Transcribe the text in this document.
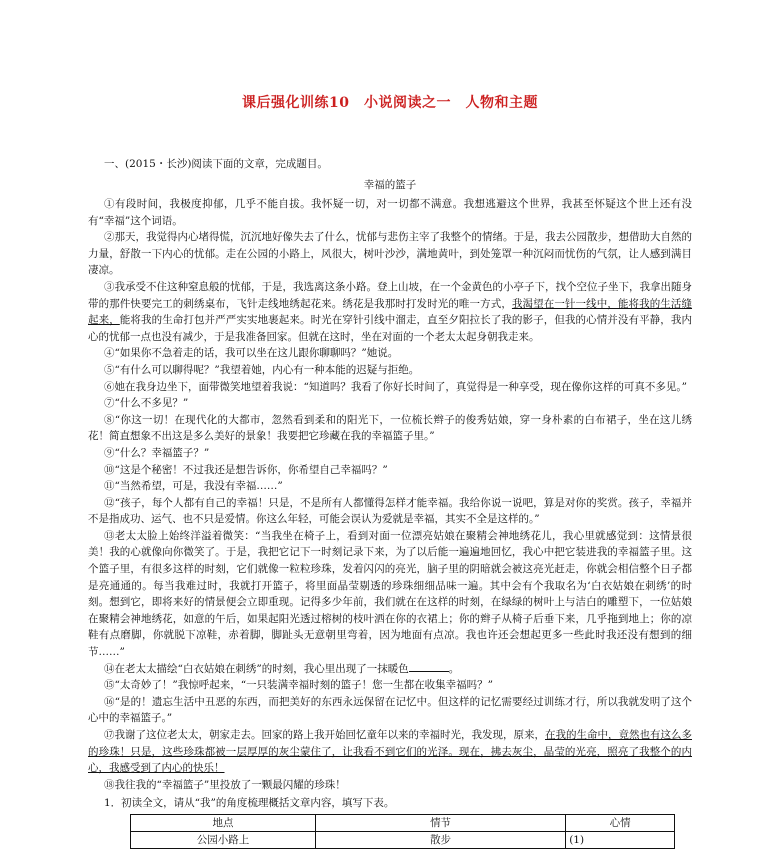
课后强化训练10　小说阅读之一　人物和主题
一、(2015・长沙)阅读下面的文章，完成题目。
幸福的篮子
①有段时间，我极度抑郁，几乎不能自拔。我怀疑一切，对一切都不满意。我想逃避这个世界，我甚至怀疑这个世上还有没有“幸福”这个词语。
②那天，我觉得内心堵得慌，沉沉地好像失去了什么，忧郁与悲伤主宰了我整个的情绪。于是，我去公园散步，想借助大自然的力量，舒散一下内心的忧郁。走在公园的小路上，风很大，树叶沙沙，满地黄叶，到处笼罩一种沉闷而忧伤的气氛，让人感到满目凄凉。
③我承受不住这种窒息般的忧郁，于是，我选离这条小路。登上山坡，在一个金黄色的小亭子下，找个空位子坐下，我拿出随身带的那件快要完工的刺绣桌布，飞针走线地绣起花来。绣花是我那时打发时光的唯一方式，我渴望在一针一线中，能将我的生活缝起来，能将我的生命打包并严严实实地裹起来。时光在穿针引线中溜走，直至夕阳拉长了我的影子，但我的心情并没有平静，我内心的忧郁一点也没有减少，于是我准备回家。但就在这时，坐在对面的一个老太太起身朝我走来。
④“如果你不急着走的话，我可以坐在这儿跟你聊聊吗？”她说。
⑤“有什么可以聊得呢？”我望着她，内心有一种本能的迟疑与拒绝。
⑥她在我身边坐下，面带微笑地望着我说：“知道吗？我看了你好长时间了，真觉得是一种享受，现在像你这样的可真不多见。”
⑦“什么不多见？”
⑧“你这一切！在现代化的大都市，忽然看到柔和的阳光下，一位梳长辫子的俊秀姑娘，穿一身朴素的白布裙子，坐在这儿绣花！简直想象不出这是多么美好的景象！我要把它珍藏在我的幸福篮子里。”
⑨“什么？幸福篮子？”
⑩“这是个秘密！不过我还是想告诉你，你希望自己幸福吗？”
⑪“当然希望，可是，我没有幸福……”
⑫“孩子，每个人都有自己的幸福！只是，不是所有人都懂得怎样才能幸福。我给你说一说吧，算是对你的奖赏。孩子，幸福并不是指成功、运气、也不只是爱情。你这么年轻，可能会误认为爱就是幸福，其实不全是这样的。”
⑬老太太脸上始终洋溢着微笑：“当我坐在椅子上，看到对面一位漂亮姑娘在聚精会神地绣花儿，我心里就感觉到：这情景很美！我的心就像向你微笑了。于是，我把它记下一时刻记录下来，为了以后能一遍遍地回忆，我心中把它装进我的幸福篮子里。这个篮子里，有很多这样的时刻，它们就像一粒粒珍珠，发着闪闪的亮光，脑子里的阴暗就会被这亮光赶走，你就会相信整个日子都是亮通通的。每当我难过时，我就打开篮子，将里面晶莹剔透的珍珠细细品味一遍。其中会有个我取名为‘白衣姑娘在刺绣’的时刻。想到它，即将来好的情景便会立即重现。记得多少年前，我们就在在这样的时刻，在绿绿的树叶上与洁白的雕塑下，一位姑娘在聚精会神地绣花，如意的午后，如果起阳光透过榕树的枝叶洒在你的衣裙上；你的辫子从椅子后垂下来，几乎拖到地上；你的凉鞋有点磨脚，你就脱下凉鞋，赤着脚，脚趾头无意朝里弯着，因为地面有点凉。我也许还会想起更多一些此时我还没有想到的细节……”
⑭在老太太描绘“白衣姑娘在刺绣”的时刻，我心里出现了一抹暖色	。
⑮“太奇妙了！”我惊呼起来，“一只装满幸福时刻的篮子！您一生都在收集幸福吗？”
⑯“是的！遗忘生活中丑恶的东西，而把美好的东西永远保留在记忆中。但这样的记忆需要经过训练才行，所以我就发明了这个心中的幸福篮子。”
⑰我谢了这位老太太，朝家走去。回家的路上我开始回忆童年以来的幸福时光，我发现，原来，在我的生命中，竟然也有这么多的珍珠！只是，这些珍珠都被一层厚厚的灰尘蒙住了，让我看不到它们的光泽。现在，拂去灰尘，晶莹的光亮，照亮了我整个的内心，我感受到了内心的快乐！
⑱我往我的“幸福篮子”里投放了一颗最闪耀的珍珠！
1．初读全文，请从“我”的角度梳理概括文章内容，填写下表。
地点	情节	心情
公园小路上	散步	(1)
